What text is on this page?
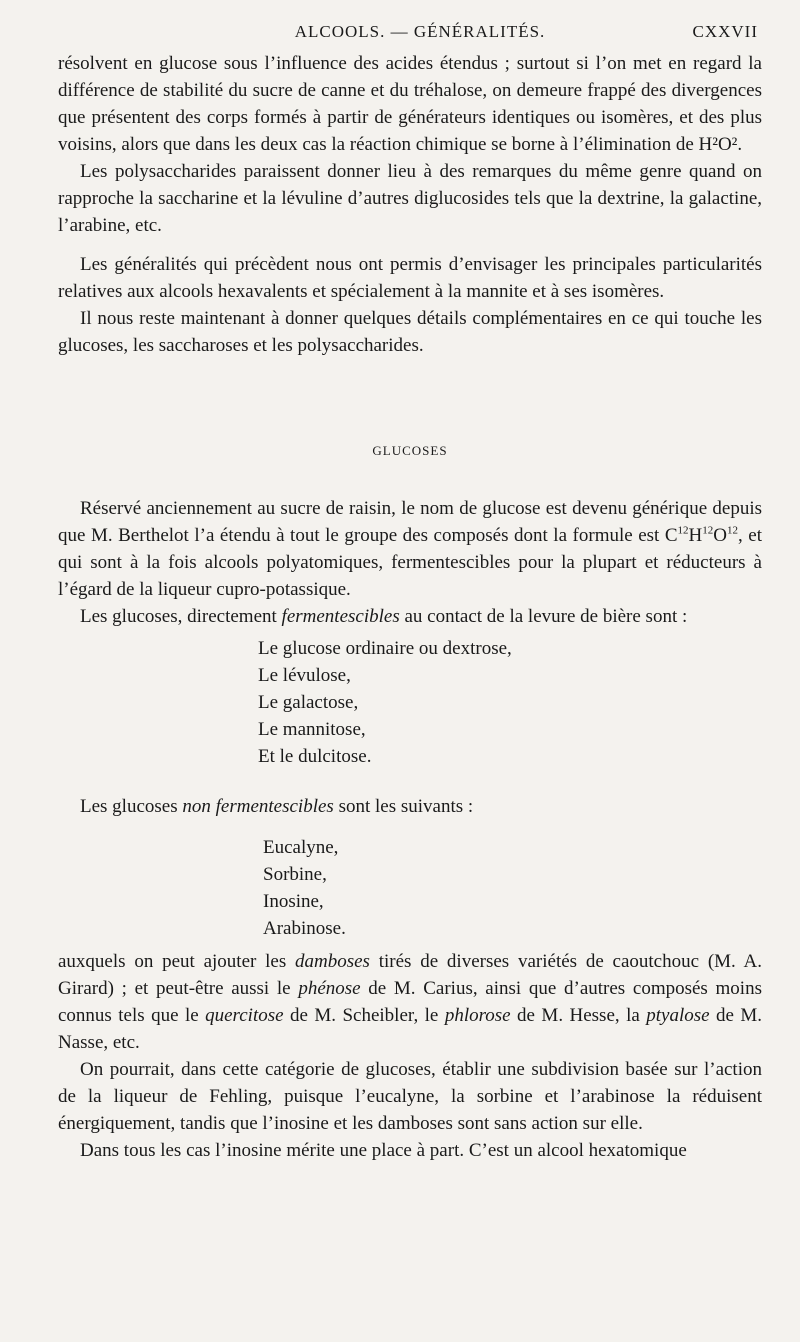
ALCOOLS. — GÉNÉRALITÉS.	CXXVII

résolvent en glucose sous l’influence des acides étendus ; surtout si l’on met en regard la différence de stabilité du sucre de canne et du tréhalose, on demeure frappé des divergences que présentent des corps formés à partir de générateurs identiques ou isomères, et des plus voisins, alors que dans les deux cas la réaction chimique se borne à l’élimination de H²O².

Les polysaccharides paraissent donner lieu à des remarques du même genre quand on rapproche la saccharine et la lévuline d’autres diglucosides tels que la dextrine, la galactine, l’arabine, etc.

Les généralités qui précèdent nous ont permis d’envisager les principales particularités relatives aux alcools hexavalents et spécialement à la mannite et à ses isomères.

Il nous reste maintenant à donner quelques détails complémentaires en ce qui touche les glucoses, les saccharoses et les polysaccharides.

GLUCOSES

Réservé anciennement au sucre de raisin, le nom de glucose est devenu générique depuis que M. Berthelot l’a étendu à tout le groupe des composés dont la formule est $C^{12}H^{12}O^{12}$, et qui sont à la fois alcools polyatomiques, fermentescibles pour la plupart et réducteurs à l’égard de la liqueur cupro-potassique.

Les glucoses, directement fermentescibles au contact de la levure de bière sont :

Le glucose ordinaire ou dextrose,
Le lévulose,
Le galactose,
Le mannitose,
Et le dulcitose.

Les glucoses non fermentescibles sont les suivants :

Eucalyne,
Sorbine,
Inosine,
Arabinose.

auxquels on peut ajouter les damboses tirés de diverses variétés de caoutchouc (M. A. Girard) ; et peut-être aussi le phénose de M. Carius, ainsi que d’autres composés moins connus tels que le quercitose de M. Scheibler, le phlorose de M. Hesse, la ptyalose de M. Nasse, etc.

On pourrait, dans cette catégorie de glucoses, établir une subdivision basée sur l’action de la liqueur de Fehling, puisque l’eucalyne, la sorbine et l’arabinose la réduisent énergiquement, tandis que l’inosine et les damboses sont sans action sur elle.

Dans tous les cas l’inosine mérite une place à part. C’est un alcool hexatomique
